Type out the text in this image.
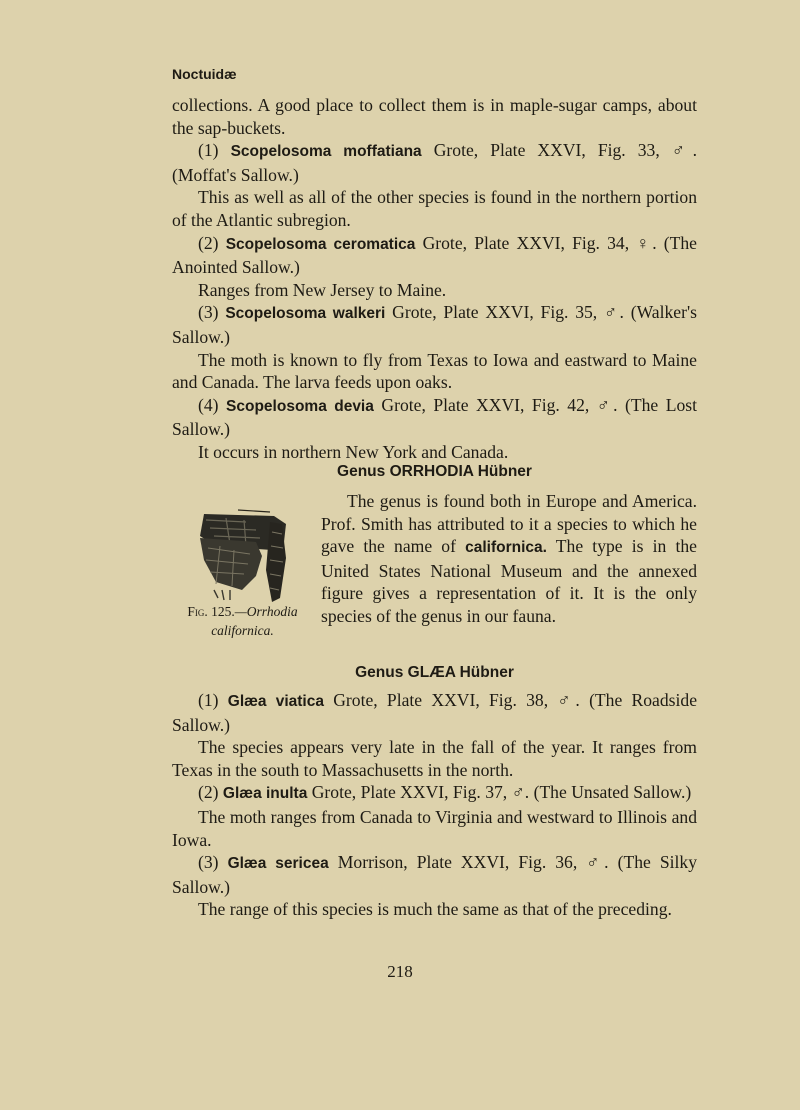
Noctuidæ

collections. A good place to collect them is in maple-sugar camps, about the sap-buckets.

(1) Scopelosoma moffatiana Grote, Plate XXVI, Fig. 33, ♂. (Moffat's Sallow.)

This as well as all of the other species is found in the northern portion of the Atlantic subregion.

(2) Scopelosoma ceromatica Grote, Plate XXVI, Fig. 34, ♀. (The Anointed Sallow.)

Ranges from New Jersey to Maine.

(3) Scopelosoma walkeri Grote, Plate XXVI, Fig. 35, ♂. (Walker's Sallow.)

The moth is known to fly from Texas to Iowa and eastward to Maine and Canada. The larva feeds upon oaks.

(4) Scopelosoma devia Grote, Plate XXVI, Fig. 42, ♂. (The Lost Sallow.)

It occurs in northern New York and Canada.

Genus ORRHODIA Hübner
The genus is found both in Europe and America. Prof. Smith has attributed to it a species to which he gave the name of californica. The type is in the United States National Museum and the annexed figure gives a representation of it. It is the only species of the genus in our fauna.
Fig. 125.—Orrhodia californica.
Genus GLÆA Hübner

(1) Glæa viatica Grote, Plate XXVI, Fig. 38, ♂. (The Roadside Sallow.)

The species appears very late in the fall of the year. It ranges from Texas in the south to Massachusetts in the north.

(2) Glæa inulta Grote, Plate XXVI, Fig. 37, ♂. (The Unsated Sallow.)

The moth ranges from Canada to Virginia and westward to Illinois and Iowa.

(3) Glæa sericea Morrison, Plate XXVI, Fig. 36, ♂. (The Silky Sallow.)

The range of this species is much the same as that of the preceding.

218
